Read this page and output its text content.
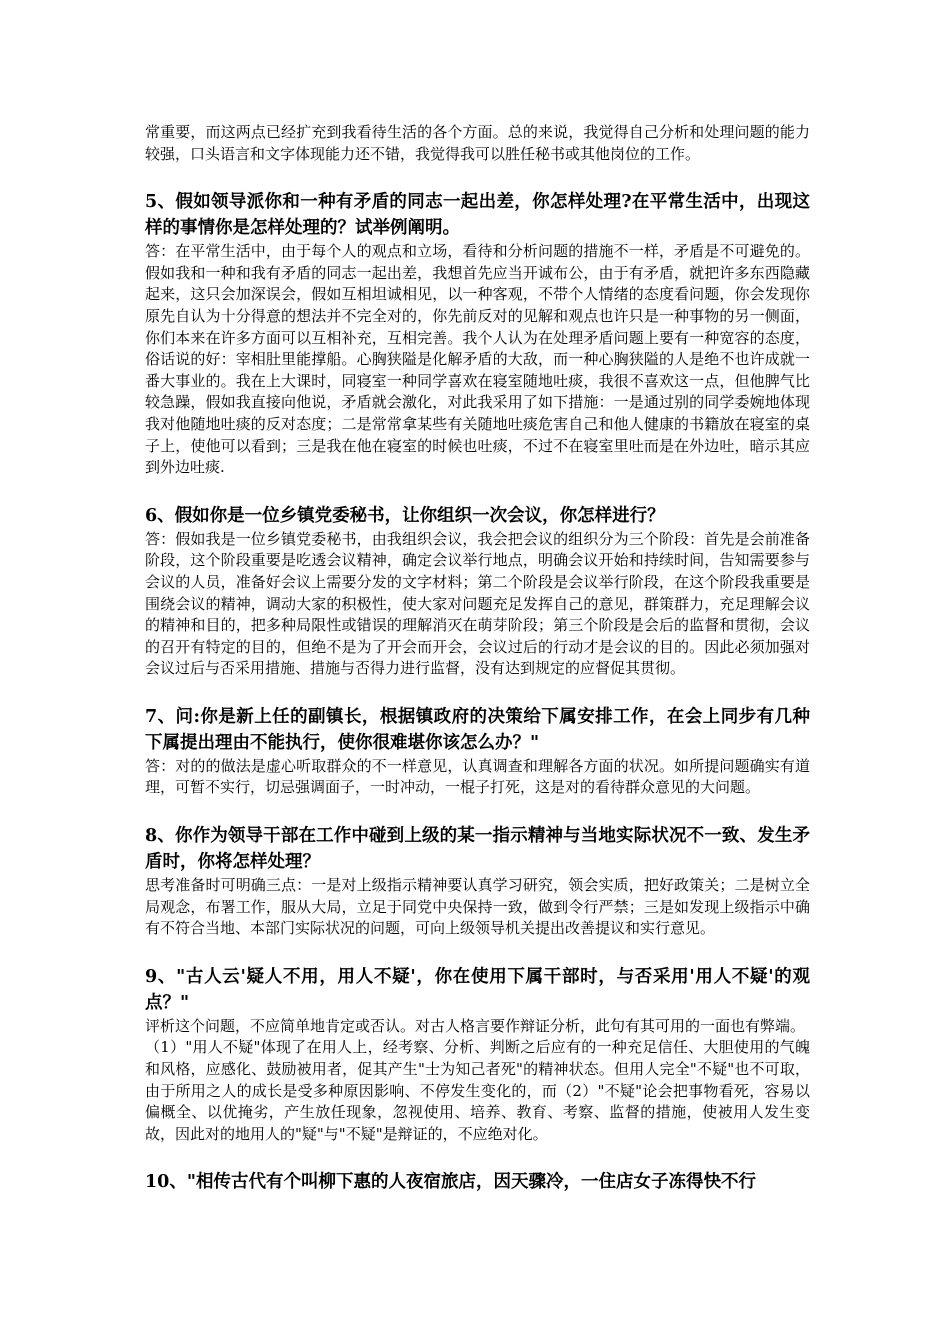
常重要，而这两点已经扩充到我看待生活的各个方面。总的来说，我觉得自己分析和处理问题的能力较强，口头语言和文字体现能力还不错，我觉得我可以胜任秘书或其他岗位的工作。

5、假如领导派你和一种有矛盾的同志一起出差，你怎样处理?在平常生活中，出现这样的事情你是怎样处理的？试举例阐明。

答：在平常生活中，由于每个人的观点和立场，看待和分析问题的措施不一样，矛盾是不可避免的。假如我和一种和我有矛盾的同志一起出差，我想首先应当开诚布公，由于有矛盾，就把许多东西隐藏起来，这只会加深误会，假如互相坦诚相见，以一种客观，不带个人情绪的态度看问题，你会发现你原先自认为十分得意的想法并不完全对的，你先前反对的见解和观点也许只是一种事物的另一侧面，你们本来在许多方面可以互相补充，互相完善。我个人认为在处理矛盾问题上要有一种宽容的态度，俗话说的好：宰相肚里能撑船。心胸狭隘是化解矛盾的大敌，而一种心胸狭隘的人是绝不也许成就一番大事业的。我在上大课时，同寝室一种同学喜欢在寝室随地吐痰，我很不喜欢这一点，但他脾气比较急躁，假如我直接向他说，矛盾就会激化，对此我采用了如下措施：一是通过别的同学委婉地体现我对他随地吐痰的反对态度；二是常常拿某些有关随地吐痰危害自己和他人健康的书籍放在寝室的桌子上，使他可以看到；三是我在他在寝室的时候也吐痰，不过不在寝室里吐而是在外边吐，暗示其应到外边吐痰.

6、假如你是一位乡镇党委秘书，让你组织一次会议，你怎样进行？

答：假如我是一位乡镇党委秘书，由我组织会议，我会把会议的组织分为三个阶段：首先是会前准备阶段，这个阶段重要是吃透会议精神，确定会议举行地点，明确会议开始和持续时间，告知需要参与会议的人员，准备好会议上需要分发的文字材料；第二个阶段是会议举行阶段，在这个阶段我重要是围绕会议的精神，调动大家的积极性，使大家对问题充足发挥自己的意见，群策群力，充足理解会议的精神和目的，把多种局限性或错误的理解消灭在萌芽阶段；第三个阶段是会后的监督和贯彻，会议的召开有特定的目的，但绝不是为了开会而开会，会议过后的行动才是会议的目的。因此必须加强对会议过后与否采用措施、措施与否得力进行监督，没有达到规定的应督促其贯彻。

7、问:你是新上任的副镇长，根据镇政府的决策给下属安排工作，在会上同步有几种下属提出理由不能执行，使你很难堪你该怎么办？"

答：对的的做法是虚心听取群众的不一样意见，认真调查和理解各方面的状况。如所提问题确实有道理，可暂不实行，切忌强调面子，一时冲动，一棍子打死，这是对的看待群众意见的大问题。

8、你作为领导干部在工作中碰到上级的某一指示精神与当地实际状况不一致、发生矛盾时，你将怎样处理？

思考准备时可明确三点：一是对上级指示精神要认真学习研究，领会实质，把好政策关；二是树立全局观念，布署工作，服从大局，立足于同党中央保持一致，做到令行严禁；三是如发现上级指示中确有不符合当地、本部门实际状况的问题，可向上级领导机关提出改善提议和实行意见。

9、"古人云'疑人不用，用人不疑'，你在使用下属干部时，与否采用'用人不疑'的观点？"

评析这个问题，不应简单地肯定或否认。对古人格言要作辩证分析，此句有其可用的一面也有弊端。

（1）"用人不疑"体现了在用人上，经考察、分析、判断之后应有的一种充足信任、大胆使用的气魄和风格，应感化、鼓励被用者，促其产生"士为知己者死"的精神状态。但用人完全"不疑"也不可取，由于所用之人的成长是受多种原因影响、不停发生变化的，而（2）"不疑"论会把事物看死，容易以偏概全、以优掩劣，产生放任现象，忽视使用、培养、教育、考察、监督的措施，使被用人发生变故，因此对的地用人的"疑"与"不疑"是辩证的，不应绝对化。

10、"相传古代有个叫柳下惠的人夜宿旅店，因天骤冷，一住店女子冻得快不行
